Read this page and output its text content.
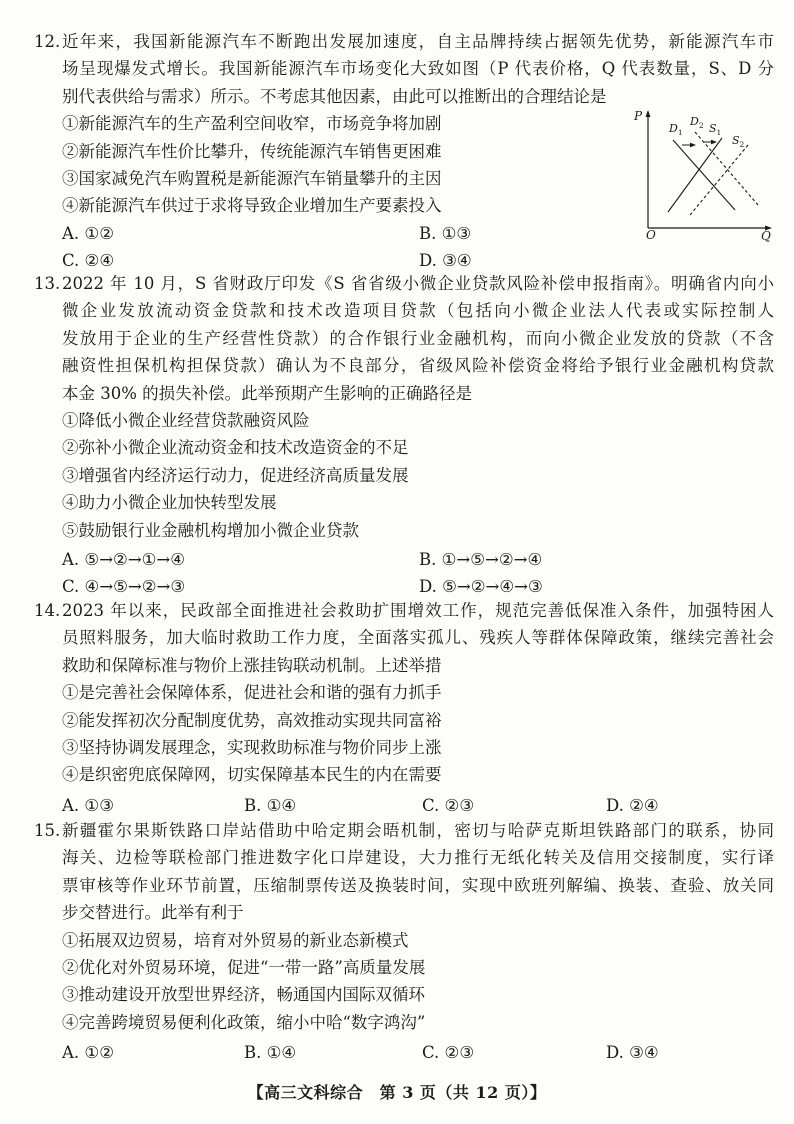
12. 近年来，我国新能源汽车不断跑出发展加速度，自主品牌持续占据领先优势，新能源汽车市
场呈现爆发式增长。我国新能源汽车市场变化大致如图（P 代表价格，Q 代表数量，S、D 分
别代表供给与需求）所示。不考虑其他因素，由此可以推断出的合理结论是
①新能源汽车的生产盈利空间收窄，市场竞争将加剧
②新能源汽车性价比攀升，传统能源汽车销售更困难
③国家减免汽车购置税是新能源汽车销量攀升的主因
④新能源汽车供过于求将导致企业增加生产要素投入
A. ①②	B. ①③
C. ②④	D. ③④
P
O	Q
$D_1$
$D_2$ $S_1$
$S_2$
13. 2022 年 10 月，S 省财政厅印发《S 省省级小微企业贷款风险补偿申报指南》。明确省内向小
微企业发放流动资金贷款和技术改造项目贷款（包括向小微企业法人代表或实际控制人
发放用于企业的生产经营性贷款）的合作银行业金融机构，而向小微企业发放的贷款（不含
融资性担保机构担保贷款）确认为不良部分，省级风险补偿资金将给予银行业金融机构贷款
本金 30% 的损失补偿。此举预期产生影响的正确路径是
①降低小微企业经营贷款融资风险
②弥补小微企业流动资金和技术改造资金的不足
③增强省内经济运行动力，促进经济高质量发展
④助力小微企业加快转型发展
⑤鼓励银行业金融机构增加小微企业贷款
A. ⑤→②→①→④	B. ①→⑤→②→④
C. ④→⑤→②→③	D. ⑤→②→④→③
14. 2023 年以来，民政部全面推进社会救助扩围增效工作，规范完善低保准入条件，加强特困人
员照料服务，加大临时救助工作力度，全面落实孤儿、残疾人等群体保障政策，继续完善社会
救助和保障标准与物价上涨挂钩联动机制。上述举措
①是完善社会保障体系，促进社会和谐的强有力抓手
②能发挥初次分配制度优势，高效推动实现共同富裕
③坚持协调发展理念，实现救助标准与物价同步上涨
④是织密兜底保障网，切实保障基本民生的内在需要
A. ①③	B. ①④	C. ②③	D. ②④
15. 新疆霍尔果斯铁路口岸站借助中哈定期会晤机制，密切与哈萨克斯坦铁路部门的联系，协同
海关、边检等联检部门推进数字化口岸建设，大力推行无纸化转关及信用交接制度，实行译
票审核等作业环节前置，压缩制票传送及换装时间，实现中欧班列解编、换装、查验、放关同
步交替进行。此举有利于
①拓展双边贸易，培育对外贸易的新业态新模式
②优化对外贸易环境，促进“一带一路”高质量发展
③推动建设开放型世界经济，畅通国内国际双循环
④完善跨境贸易便利化政策，缩小中哈“数字鸿沟”
A. ①②	B. ①④	C. ②③	D. ③④
【高三文科综合　第 3 页（共 12 页）】
